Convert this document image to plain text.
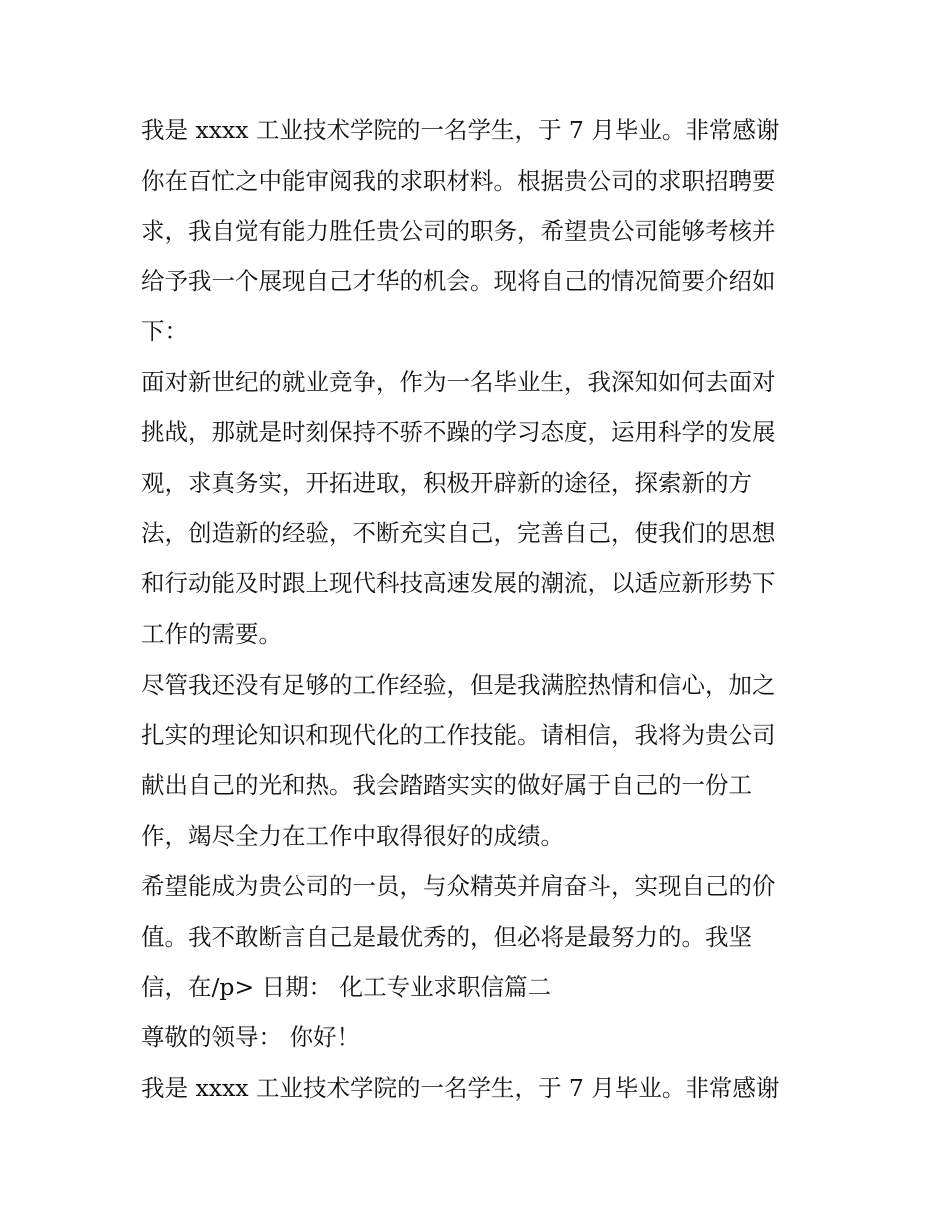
我是 xxxx 工业技术学院的一名学生，于 7 月毕业。非常感谢
你在百忙之中能审阅我的求职材料。根据贵公司的求职招聘要
求，我自觉有能力胜任贵公司的职务，希望贵公司能够考核并
给予我一个展现自己才华的机会。现将自己的情况简要介绍如
下：
面对新世纪的就业竞争，作为一名毕业生，我深知如何去面对
挑战，那就是时刻保持不骄不躁的学习态度，运用科学的发展
观，求真务实，开拓进取，积极开辟新的途径，探索新的方
法，创造新的经验，不断充实自己，完善自己，使我们的思想
和行动能及时跟上现代科技高速发展的潮流，以适应新形势下
工作的需要。
尽管我还没有足够的工作经验，但是我满腔热情和信心，加之
扎实的理论知识和现代化的工作技能。请相信，我将为贵公司
献出自己的光和热。我会踏踏实实的做好属于自己的一份工
作，竭尽全力在工作中取得很好的成绩。
希望能成为贵公司的一员，与众精英并肩奋斗，实现自己的价
值。我不敢断言自己是最优秀的，但必将是最努力的。我坚
信，在/p> 日期： 化工专业求职信篇二
尊敬的领导： 你好！
我是 xxxx 工业技术学院的一名学生，于 7 月毕业。非常感谢
